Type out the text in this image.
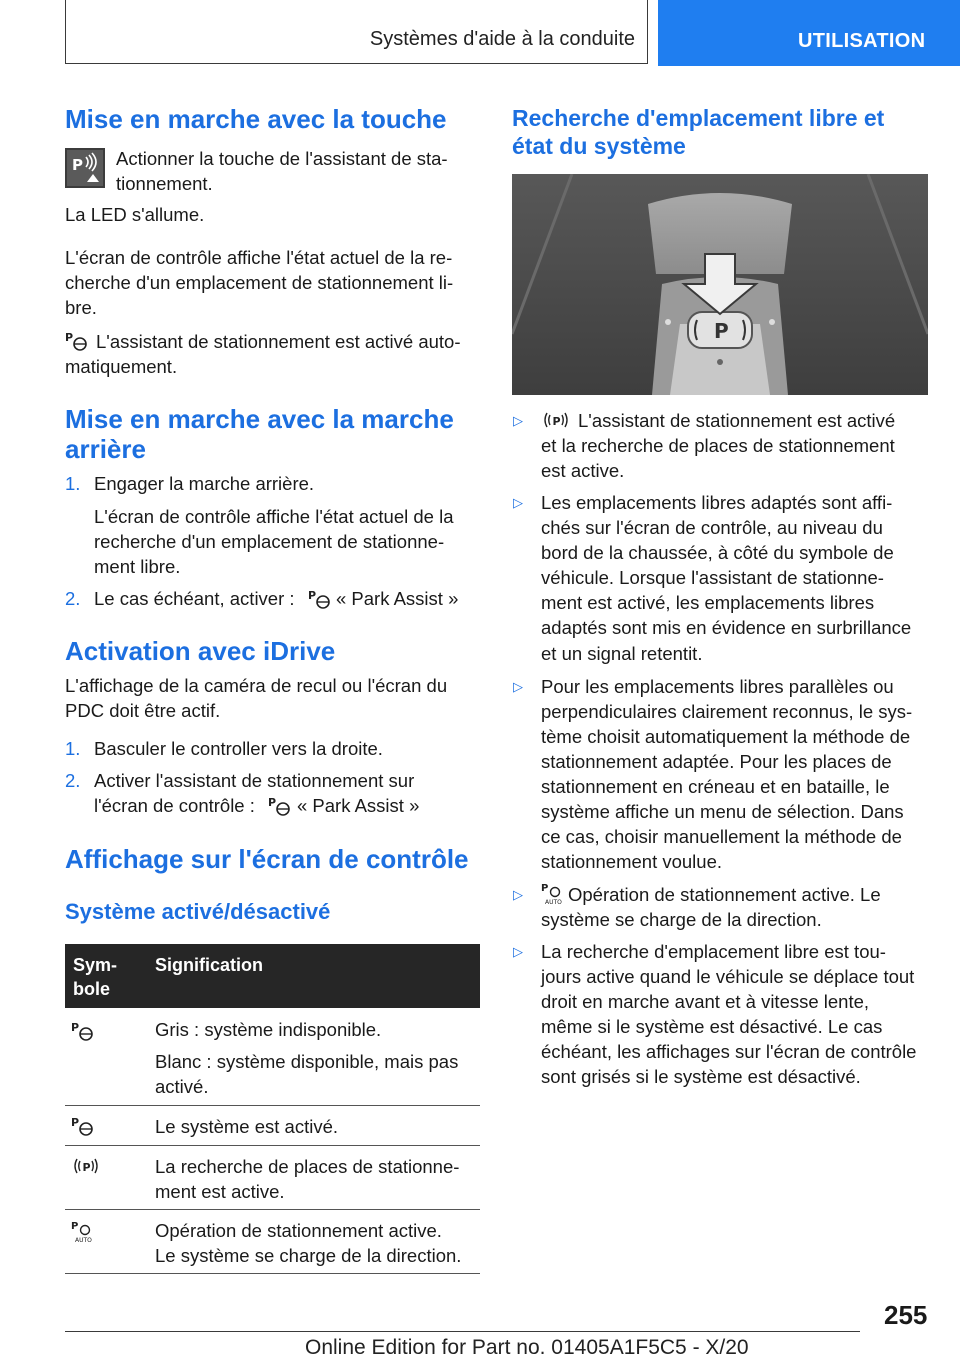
Systèmes d'aide à la conduite	UTILISATION
Mise en marche avec la touche
P Actionner la touche de l'assistant de sta-
tionnement.
La LED s'allume.
L'écran de contrôle affiche l'état actuel de la re-
cherche d'un emplacement de stationnement li-
bre.
P L'assistant de stationnement est activé auto-
matiquement.
Mise en marche avec la marche
arrière
1. Engager la marche arrière.
L'écran de contrôle affiche l'état actuel de la
recherche d'un emplacement de stationne-
ment libre.
2. Le cas échéant, activer : P « Park Assist »
Activation avec iDrive
L'affichage de la caméra de recul ou l'écran du
PDC doit être actif.
1. Basculer le controller vers la droite.
2. Activer l'assistant de stationnement sur
l'écran de contrôle : P « Park Assist »
Affichage sur l'écran de contrôle
Système activé/désactivé
Sym-
bole
Signification
P	Gris : système indisponible.
Blanc : système disponible, mais pas
activé.
P	Le système est activé.
P	La recherche de places de stationne-
ment est active.
P
AUTO	Opération de stationnement active.
Le système se charge de la direction.
Recherche d'emplacement libre et
état du système
P
▷	P L'assistant de stationnement est activé
et la recherche de places de stationnement
est active.
▷ Les emplacements libres adaptés sont affi-
chés sur l'écran de contrôle, au niveau du
bord de la chaussée, à côté du symbole de
véhicule. Lorsque l'assistant de stationne-
ment est activé, les emplacements libres
adaptés sont mis en évidence en surbrillance
et un signal retentit.
▷ Pour les emplacements libres parallèles ou
perpendiculaires clairement reconnus, le sys-
tème choisit automatiquement la méthode de
stationnement adaptée. Pour les places de
stationnement en créneau et en bataille, le
système affiche un menu de sélection. Dans
ce cas, choisir manuellement la méthode de
stationnement voulue.
▷ P
AUTO Opération de stationnement active. Le
système se charge de la direction.
▷ La recherche d'emplacement libre est tou-
jours active quand le véhicule se déplace tout
droit en marche avant et à vitesse lente,
même si le système est désactivé. Le cas
échéant, les affichages sur l'écran de contrôle
sont grisés si le système est désactivé.
255
Online Edition for Part no. 01405A1F5C5 - X/20
